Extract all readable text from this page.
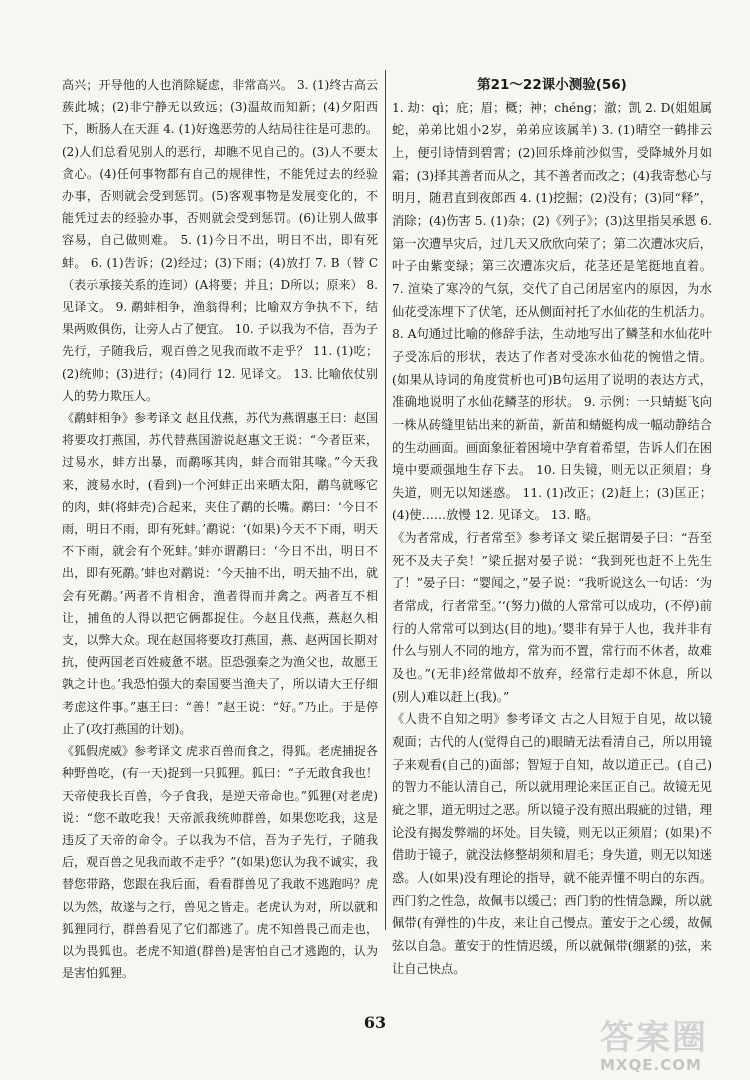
高兴；开导他的人也消除疑虑，非常高兴。 3. (1)终古高云蔟此城；(2)非宁静无以致远；(3)温故而知新；(4)夕阳西下，断肠人在天涯 4. (1)好逸恶劳的人结局往往是可悲的。(2)人们总看见别人的恶行，却瞧不见自己的。(3)人不要太贪心。(4)任何事物都有自己的规律性，不能凭过去的经验办事，否则就会受到惩罚。(5)客观事物是发展变化的，不能凭过去的经验办事，否则就会受到惩罚。(6)让别人做事容易，自己做则难。 5. (1)今日不出，明日不出，即有死蚌。 6. (1)告诉；(2)经过；(3)下雨；(4)放打 7. B（替 C（表示承接关系的连词）(A将要；并且；D所以；原来） 8. 见译文。 9. 鹬蚌相争，渔翁得利；比喻双方争执不下，结果两败俱伤，让旁人占了便宜。 10. 子以我为不信，吾为子先行，子随我后，观百兽之见我而敢不走乎？ 11. (1)吃；(2)统帅；(3)进行；(4)同行 12. 见译文。 13. 比喻依仗别人的势力欺压人。

《鹬蚌相争》参考译文 赵且伐燕，苏代为燕谓惠王曰：赵国将要攻打燕国，苏代替燕国游说赵惠文王说：“今者臣来，过易水，蚌方出暴，而鹬啄其肉，蚌合而钳其喙。”今天我来，渡易水时，(看到)一个河蚌正出来晒太阳，鹬鸟就啄它的肉，蚌(将蚌壳)合起来，夹住了鹬的长嘴。鹬曰：‘今日不雨，明日不雨，即有死蚌。’鹬说：‘(如果)今天不下雨，明天不下雨，就会有个死蚌。’蚌亦谓鹬曰：‘今日不出，明日不出，即有死鹬。’蚌也对鹬说：‘今天抽不出，明天抽不出，就会有死鹬。’两者不肯相舍，渔者得而并禽之。两者互不相让，捕鱼的人得以把它俩都捉住。今赵且伐燕，燕赵久相支，以弊大众。现在赵国将要攻打燕国，燕、赵两国长期对抗，使两国老百姓疲惫不堪。臣恐强秦之为渔父也，故愿王孰之计也。’我恐怕强大的秦国要当渔夫了，所以请大王仔细考虑这件事。”惠王曰：“善！”赵王说：“好。”乃止。于是停止了(攻打燕国的计划)。

《狐假虎威》参考译文 虎求百兽而食之，得狐。老虎捕捉各种野兽吃，(有一天)捉到一只狐狸。狐曰：“子无敢食我也！天帝使我长百兽，今子食我，是逆天帝命也。”狐狸(对老虎)说：“您不敢吃我！天帝派我统帅群兽，如果您吃我，这是违反了天帝的命令。子以我为不信，吾为子先行，子随我后，观百兽之见我而敢不走乎？”(如果)您认为我不诚实，我替您带路，您跟在我后面，看看群兽见了我敢不逃跑吗？虎以为然，故遂与之行，兽见之皆走。老虎认为对，所以就和狐狸同行，群兽看见了它们都逃了。虎不知兽畏己而走也，以为畏狐也。老虎不知道(群兽)是害怕自己才逃跑的，认为是害怕狐狸。

第21～22课小测验(56)

1. 劫：qì；庇；眉；概；神；chéng；澈；凯 2. D(姐姐属蛇，弟弟比姐小2岁，弟弟应该属羊) 3. (1)晴空一鹤排云上，便引诗情到碧霄；(2)回乐烽前沙似雪，受降城外月如霜；(3)择其善者而从之，其不善者而改之；(4)我寄愁心与明月，随君直到夜郎西 4. (1)挖掘；(2)没有；(3)同“释”，消除；(4)伤害 5. (1)杂；(2)《列子》；(3)这里指吴承恩 6. 第一次遭旱灾后，过几天又欣欣向荣了；第二次遭冰灾后，叶子由紫变绿；第三次遭冻灾后，花茎还是笔挺地直着。 7. 渲染了寒冷的气氛，交代了自己闭居室内的原因，为水仙花受冻埋下了伏笔，还从侧面衬托了水仙花的生机活力。 8. A句通过比喻的修辞手法，生动地写出了鳞茎和水仙花叶子受冻后的形状，表达了作者对受冻水仙花的惋惜之情。(如果从诗词的角度赏析也可)B句运用了说明的表达方式，准确地说明了水仙花鳞茎的形状。 9. 示例：一只蜻蜓飞向一株从砖缝里钻出来的新苗，新苗和蜻蜓构成一幅动静结合的生动画面。画面象征着困境中孕育着希望，告诉人们在困境中要顽强地生存下去。 10. 日失镜，则无以正须眉；身失道，则无以知迷惑。 11. (1)改正；(2)赶上；(3)匡正；(4)使……放慢 12. 见译文。 13. 略。

《为者常成，行者常至》参考译文 梁丘据谓晏子曰：“吾至死不及夫子矣！”梁丘据对晏子说：“我到死也赶不上先生了！”晏子曰：“婴闻之，”晏子说：“我听说这么一句话：‘为者常成，行者常至。’‘(努力)做的人常常可以成功，(不停)前行的人常常可以到达(目的地)。’婴非有异于人也，我并非有什么与别人不同的地方，常为而不置，常行而不休者，故难及也。”(无非)经常做却不放弃，经常行走却不休息，所以(别人)难以赶上(我)。”

《人贵不自知之明》参考译文 古之人目短于自见，故以镜观面；古代的人(觉得自己的)眼睛无法看清自己，所以用镜子来观看(自己的)面部；智短于自知，故以道正己。(自己)的智力不能认清自己，所以就用理论来匡正自己。故镜无见疵之罪，道无明过之恶。所以镜子没有照出瑕疵的过错，理论没有揭发弊端的坏处。目失镜，则无以正须眉；(如果)不借助于镜子，就没法修整胡须和眉毛；身失道，则无以知迷惑。人(如果)没有理论的指导，就不能弄懂不明白的东西。西门豹之性急，故佩韦以缓己；西门豹的性情急躁，所以就佩带(有弹性的)牛皮，来让自己慢点。董安于之心缓，故佩弦以自急。董安于的性情迟缓，所以就佩带(绷紧的)弦，来让自己快点。

63	答案圈
MXQE.COM
